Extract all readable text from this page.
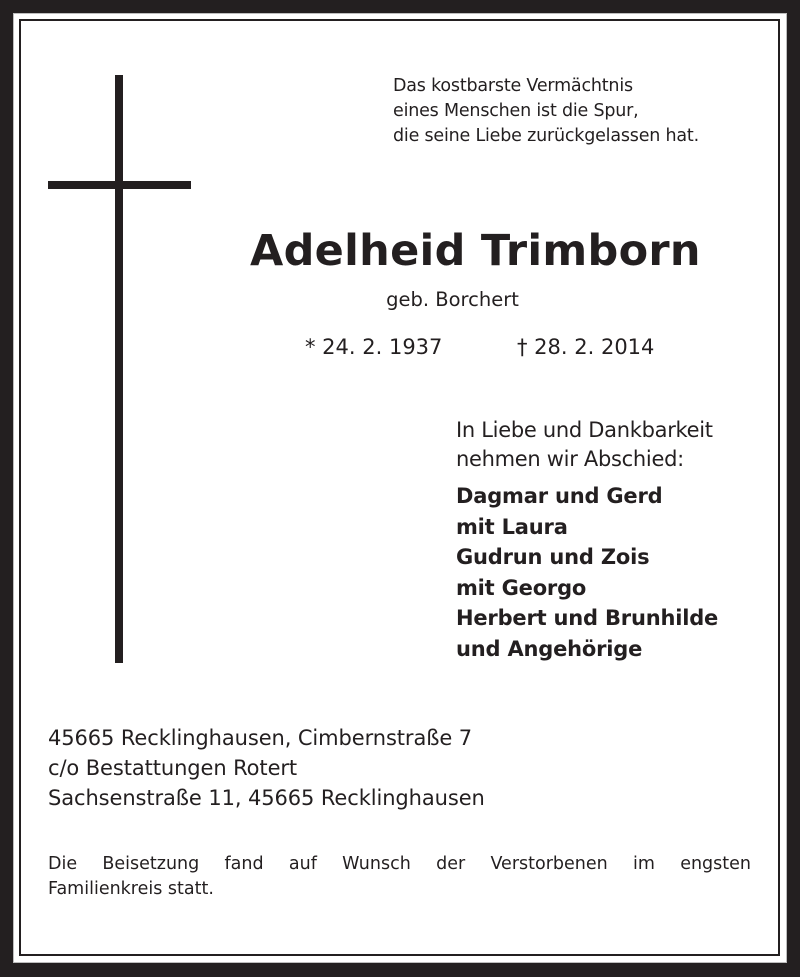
Das kostbarste Vermächtnis
eines Menschen ist die Spur,
die seine Liebe zurückgelassen hat.
Adelheid Trimborn
geb. Borchert
* 24. 2. 1937	† 28. 2. 2014
In Liebe und Dankbarkeit
nehmen wir Abschied:
Dagmar und Gerd
mit Laura
Gudrun und Zois
mit Georgo
Herbert und Brunhilde
und Angehörige
45665 Recklinghausen, Cimbernstraße 7
c/o Bestattungen Rotert
Sachsenstraße 11, 45665 Recklinghausen
Die Beisetzung fand auf Wunsch der Verstorbenen im engsten
Familienkreis statt.
